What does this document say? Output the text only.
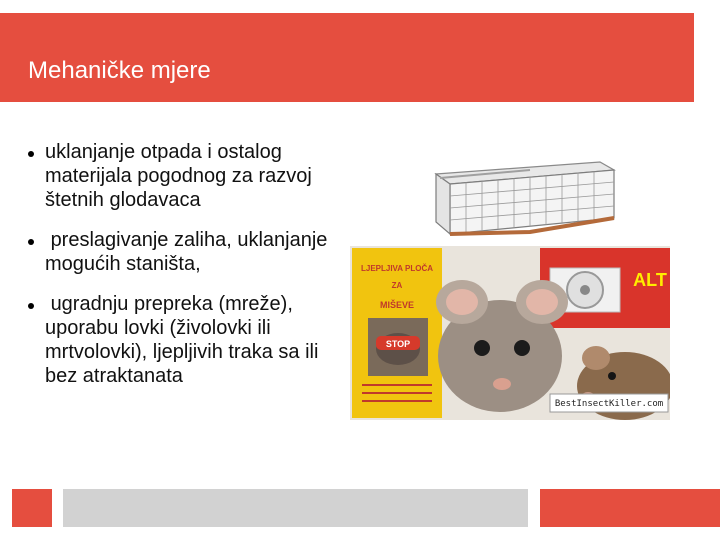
Mehaničke mjere
uklanjanje otpada i ostalog materijala pogodnog za razvoj štetnih glodavaca
preslagivanje zaliha, uklanjanje mogućih staništa,
ugradnju prepreka (mreže), uporabu lovki (živolovki ili mrtvolovki), ljepljivih traka sa ili bez atraktanata
LJEPLJIVA PLOČA
ZA
MIŠEVE
STOP
ALT
BestInsectKiller.com
